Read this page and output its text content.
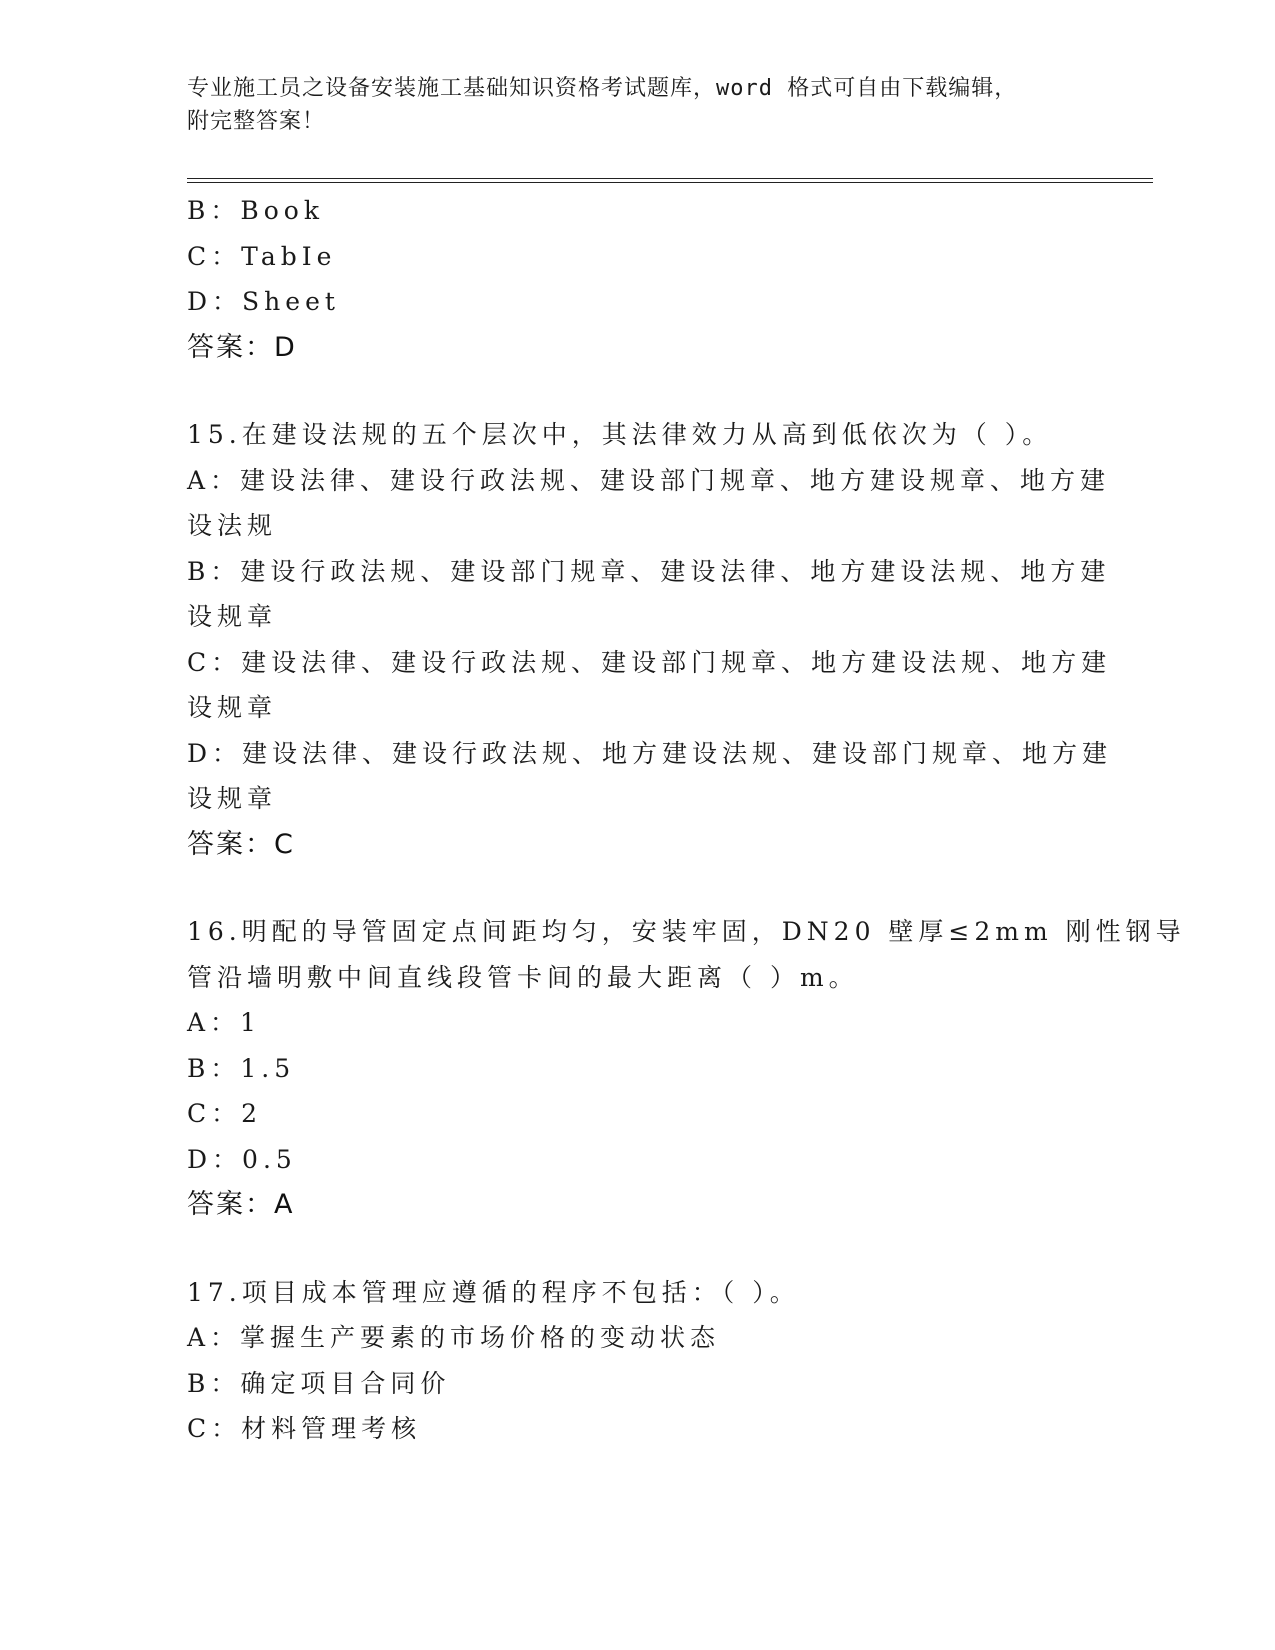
专业施工员之设备安装施工基础知识资格考试题库，word 格式可自由下载编辑，
附完整答案！
B：Book
C：TabIe
D：Sheet
答案：D
15.在建设法规的五个层次中，其法律效力从高到低依次为（ ）。
A：建设法律、建设行政法规、建设部门规章、地方建设规章、地方建
设法规
B：建设行政法规、建设部门规章、建设法律、地方建设法规、地方建
设规章
C：建设法律、建设行政法规、建设部门规章、地方建设法规、地方建
设规章
D：建设法律、建设行政法规、地方建设法规、建设部门规章、地方建
设规章
答案：C
16.明配的导管固定点间距均匀，安装牢固，DN20 壁厚≤2mm 刚性钢导
管沿墙明敷中间直线段管卡间的最大距离（ ）m。
A：1
B：1.5
C：2
D：0.5
答案：A
17.项目成本管理应遵循的程序不包括：（ ）。
A：掌握生产要素的市场价格的变动状态
B：确定项目合同价
C：材料管理考核
